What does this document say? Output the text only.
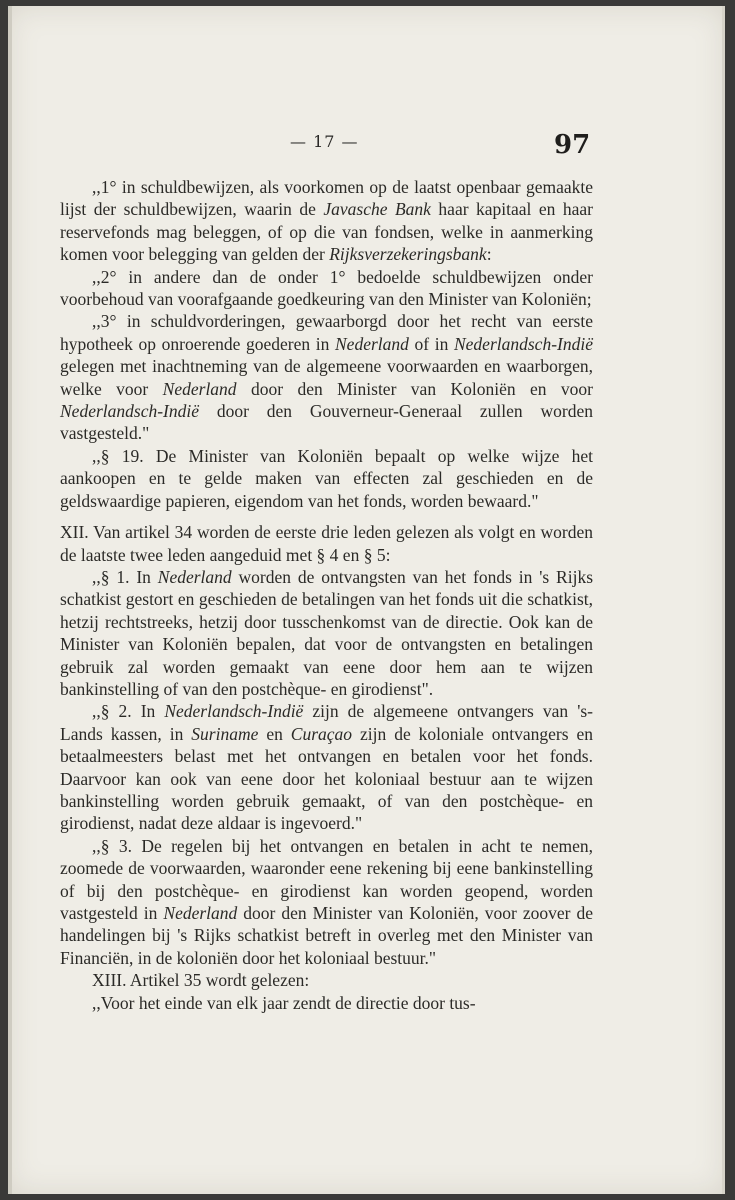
— 17 —	97

,,1° in schuldbewijzen, als voorkomen op de laatst openbaar gemaakte lijst der schuldbewijzen, waarin de Javasche Bank haar kapitaal en haar reservefonds mag beleggen, of op die van fondsen, welke in aanmerking komen voor belegging van gelden der Rijksverzekeringsbank:

,,2° in andere dan de onder 1° bedoelde schuldbewijzen onder voorbehoud van voorafgaande goedkeuring van den Minister van Koloniën;

,,3° in schuldvorderingen, gewaarborgd door het recht van eerste hypotheek op onroerende goederen in Nederland of in Nederlandsch-Indië gelegen met inachtneming van de algemeene voorwaarden en waarborgen, welke voor Nederland door den Minister van Koloniën en voor Nederlandsch-Indië door den Gouverneur-Generaal zullen worden vastgesteld."

,,§ 19. De Minister van Koloniën bepaalt op welke wijze het aankoopen en te gelde maken van effecten zal geschieden en de geldswaardige papieren, eigendom van het fonds, worden bewaard."

XII. Van artikel 34 worden de eerste drie leden gelezen als volgt en worden de laatste twee leden aangeduid met § 4 en § 5:

,,§ 1. In Nederland worden de ontvangsten van het fonds in 's Rijks schatkist gestort en geschieden de betalingen van het fonds uit die schatkist, hetzij rechtstreeks, hetzij door tusschenkomst van de directie. Ook kan de Minister van Koloniën bepalen, dat voor de ontvangsten en betalingen gebruik zal worden gemaakt van eene door hem aan te wijzen bankinstelling of van den postchèque- en girodienst".

,,§ 2. In Nederlandsch-Indië zijn de algemeene ontvangers van 's-Lands kassen, in Suriname en Curaçao zijn de koloniale ontvangers en betaalmeesters belast met het ontvangen en betalen voor het fonds. Daarvoor kan ook van eene door het koloniaal bestuur aan te wijzen bankinstelling worden gebruik gemaakt, of van den postchèque- en girodienst, nadat deze aldaar is ingevoerd."

,,§ 3. De regelen bij het ontvangen en betalen in acht te nemen, zoomede de voorwaarden, waaronder eene rekening bij eene bankinstelling of bij den postchèque- en girodienst kan worden geopend, worden vastgesteld in Nederland door den Minister van Koloniën, voor zoover de handelingen bij 's Rijks schatkist betreft in overleg met den Minister van Financiën, in de koloniën door het koloniaal bestuur."

XIII. Artikel 35 wordt gelezen:

,,Voor het einde van elk jaar zendt de directie door tus-
